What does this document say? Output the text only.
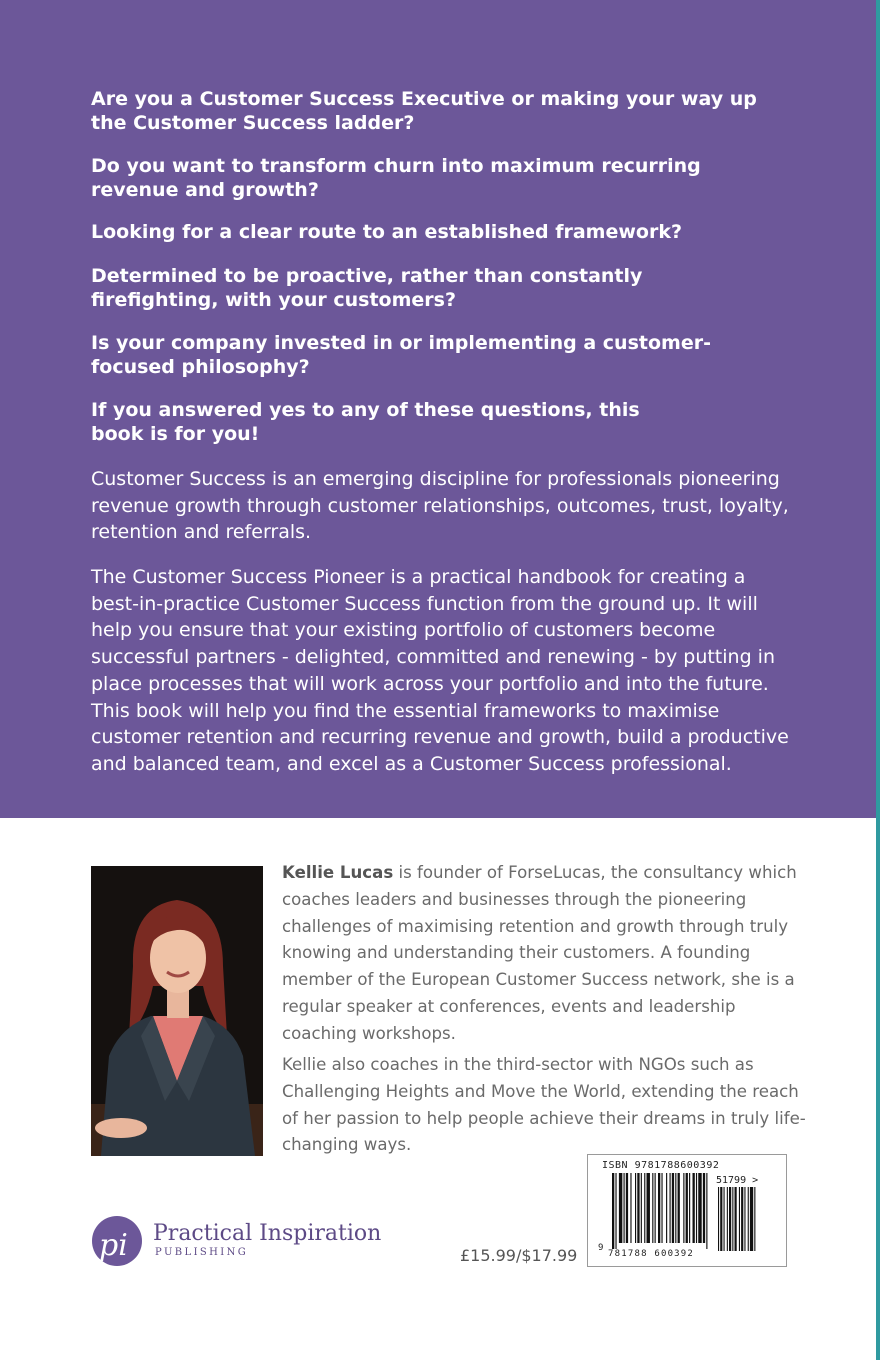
Are you a Customer Success Executive or making your way up the Customer Success ladder?

Do you want to transform churn into maximum recurring revenue and growth?

Looking for a clear route to an established framework?

Determined to be proactive, rather than constantly firefighting, with your customers?

Is your company invested in or implementing a customer-focused philosophy?

If you answered yes to any of these questions, this book is for you!

Customer Success is an emerging discipline for professionals pioneering revenue growth through customer relationships, outcomes, trust, loyalty, retention and referrals.

The Customer Success Pioneer is a practical handbook for creating a best-in-practice Customer Success function from the ground up. It will help you ensure that your existing portfolio of customers become successful partners - delighted, committed and renewing - by putting in place processes that will work across your portfolio and into the future. This book will help you find the essential frameworks to maximise customer retention and recurring revenue and growth, build a productive and balanced team, and excel as a Customer Success professional.

Kellie Lucas is founder of ForseLucas, the consultancy which coaches leaders and businesses through the pioneering challenges of maximising retention and growth through truly knowing and understanding their customers. A founding member of the European Customer Success network, she is a regular speaker at conferences, events and leadership coaching workshops.

Kellie also coaches in the third-sector with NGOs such as Challenging Heights and Move the World, extending the reach of her passion to help people achieve their dreams in truly life-changing ways.

pi Practical Inspiration
PUBLISHING	£15.99/$17.99
ISBN 9781788600392
51799 >
9
781788 600392
